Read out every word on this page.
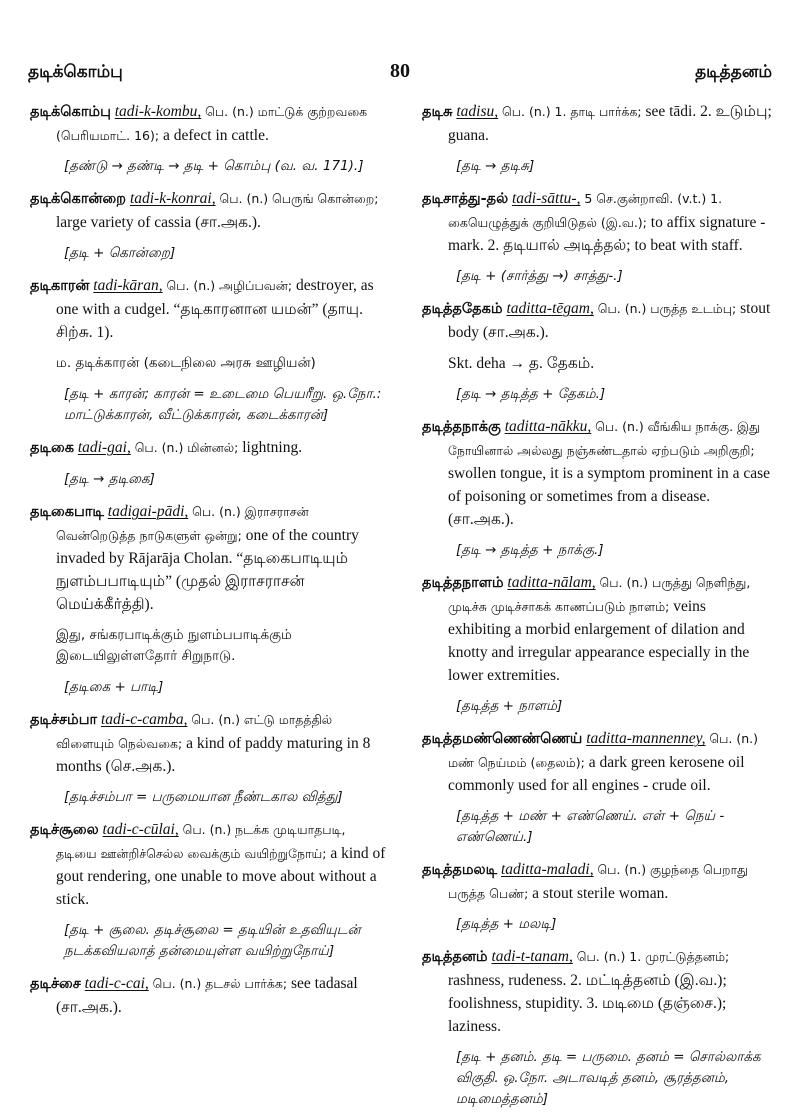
தடிக்கொம்பு	80	தடித்தனம்
தடிக்கொம்பு tadi-k-kombu, பெ. (n.) மாட்டுக் குற்றவகை (பெரியமாட். 16); a defect in cattle.
[தண்டு → தண்டி → தடி + கொம்பு (வ. வ. 171).]
தடிக்கொன்றை tadi-k-konrai, பெ. (n.) பெருங் கொன்றை; large variety of cassia (சா.அக.).
[தடி + கொன்றை]
தடிகாரன் tadi-kāran, பெ. (n.) அழிப்பவன்; destroyer, as one with a cudgel. “தடிகாரனான யமன்” (தாயு. சிற்சு. 1).
ம. தடிக்காரன் (கடைநிலை அரசு ஊழியன்)
[தடி + காரன்; காரன் = உடைமை பெயரீறு. ஒ.நோ.: மாட்டுக்காரன், வீட்டுக்காரன், கடைக்காரன்]
தடிகை tadi-gai, பெ. (n.) மின்னல்; lightning.
[தடி → தடிகை]
தடிகைபாடி tadigai-pādi, பெ. (n.) இராசராசன் வென்றெடுத்த நாடுகளுள் ஒன்று; one of the country invaded by Rājarāja Cholan. “தடிகைபாடியும் நுளம்பபாடியும்” (முதல் இராசராசன் மெய்க்கீர்த்தி).
இது, சங்கரபாடிக்கும் நுளம்பபாடிக்கும் இடையிலுள்ளதோர் சிறுநாடு.
[தடிகை + பாடி]
தடிச்சம்பா tadi-c-camba, பெ. (n.) எட்டு மாதத்தில் விளையும் நெல்வகை; a kind of paddy maturing in 8 months (செ.அக.).
[தடிச்சம்பா = பருமையான நீண்டகால வித்து]
தடிச்சூலை tadi-c-cūlai, பெ. (n.) நடக்க முடியாதபடி, தடியை ஊன்றிச்செல்ல வைக்கும் வயிற்றுநோய்; a kind of gout rendering, one unable to move about without a stick.
[தடி + சூலை. தடிச்சூலை = தடியின் உதவியுடன் நடக்கவியலாத் தன்மையுள்ள வயிற்றுநோய்]
தடிச்சை tadi-c-cai, பெ. (n.) தடசல் பார்க்க; see tadasal (சா.அக.).
தடிசு tadisu, பெ. (n.) 1. தாடி பார்க்க; see tādi. 2. உடும்பு; guana.
[தடி → தடிசு]
தடிசாத்து-தல் tadi-sāttu-, 5 செ.குன்றாவி. (v.t.) 1. கையெழுத்துக் குறியிடுதல் (இ.வ.); to affix signature - mark. 2. தடியால் அடித்தல்; to beat with staff.
[தடி + (சார்த்து →) சாத்து-.]
தடித்ததேகம் taditta-tēgam, பெ. (n.) பருத்த உடம்பு; stout body (சா.அக.).
Skt. deha → த. தேகம்.
[தடி → தடித்த + தேகம்.]
தடித்தநாக்கு taditta-nākku, பெ. (n.) வீங்கிய நாக்கு. இது நோயினால் அல்லது நஞ்சுண்டதால் ஏற்படும் அறிகுறி; swollen tongue, it is a symptom prominent in a case of poisoning or sometimes from a disease. (சா.அக.).
[தடி → தடித்த + நாக்கு.]
தடித்தநாளம் taditta-nālam, பெ. (n.) பருத்து நெளிந்து, முடிச்சு முடிச்சாகக் காணப்படும் நாளம்; veins exhibiting a morbid enlargement of dilation and knotty and irregular appearance especially in the lower extremities.
[தடித்த + நாளம்]
தடித்தமண்ணெண்ணெய் taditta-mannenney, பெ. (n.) மண் நெய்மம் (தைலம்); a dark green kerosene oil commonly used for all engines - crude oil.
[தடித்த + மண் + எண்ணெய். எள் + நெய் - எண்ணெய்.]
தடித்தமலடி taditta-maladi, பெ. (n.) குழந்தை பெறாது பருத்த பெண்; a stout sterile woman.
[தடித்த + மலடி]
தடித்தனம் tadi-t-tanam, பெ. (n.) 1. முரட்டுத்தனம்; rashness, rudeness. 2. மட்டித்தனம் (இ.வ.); foolishness, stupidity. 3. மடிமை (தஞ்சை.); laziness.
[தடி + தனம். தடி = பருமை. தனம் = சொல்லாக்க விகுதி. ஒ.நோ. அடாவடித் தனம், சூரத்தனம், மடிமைத்தனம்]
